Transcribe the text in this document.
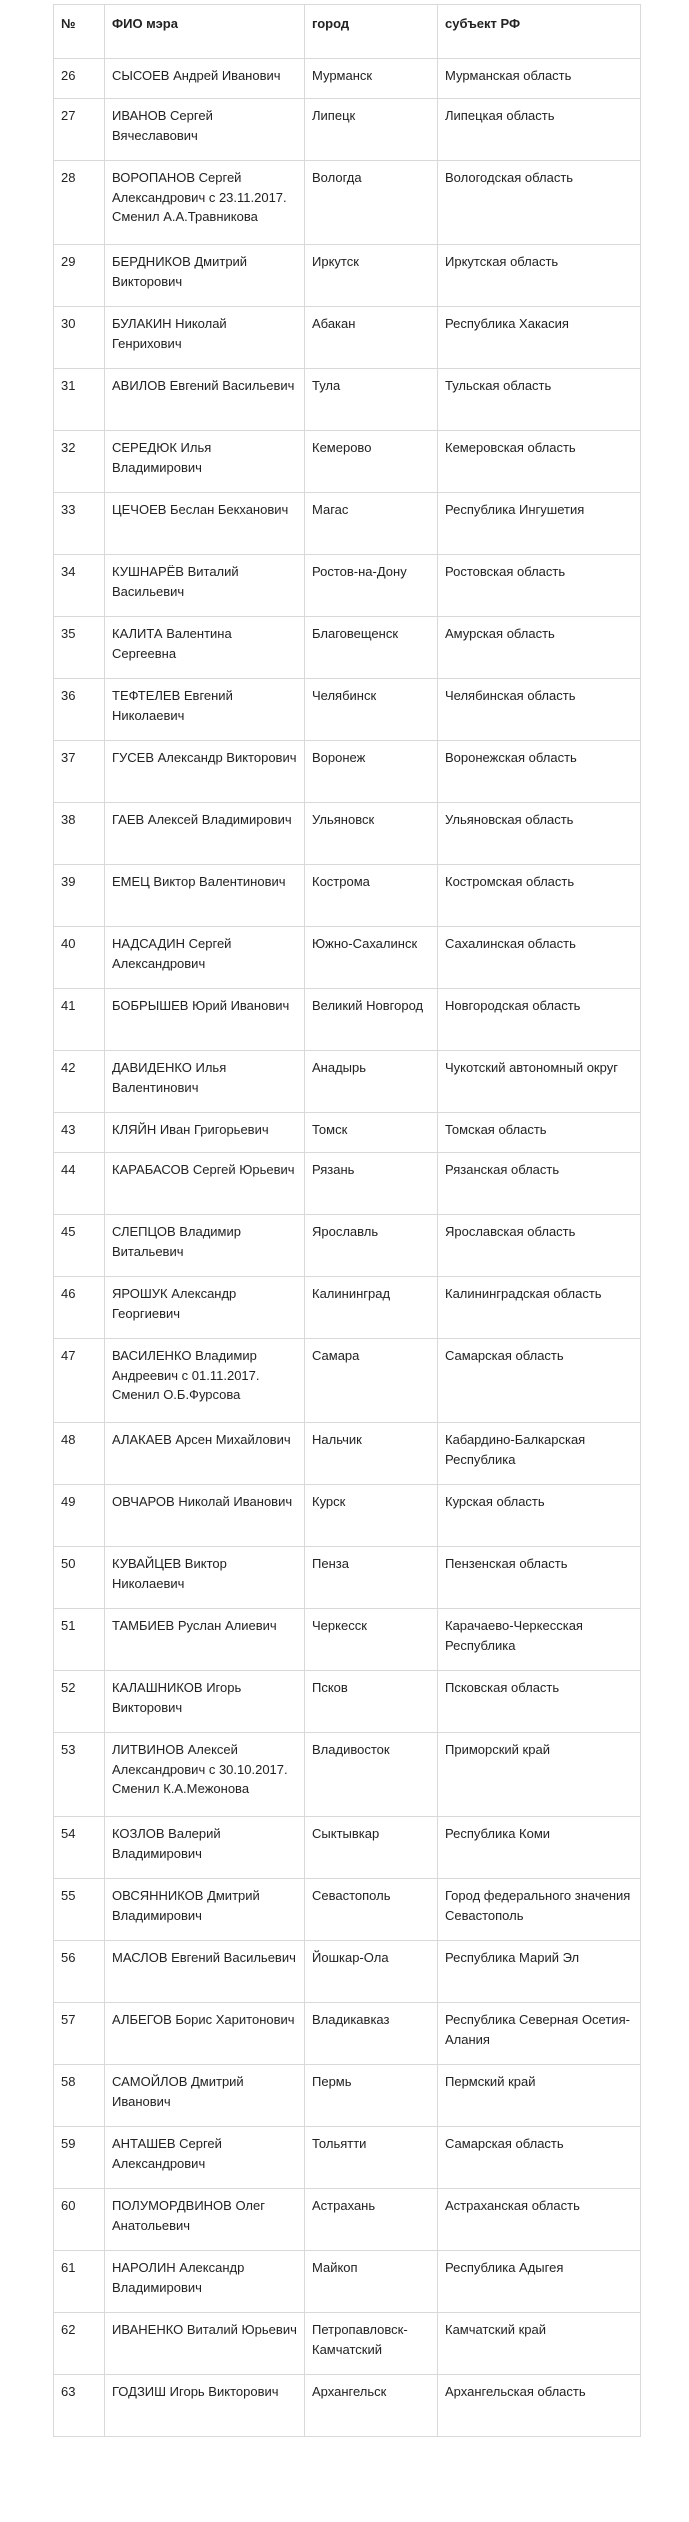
№	ФИО мэра	город	субъект РФ
26	СЫСОЕВ Андрей Иванович	Мурманск	Мурманская область
27	ИВАНОВ Сергей Вячеславович	Липецк	Липецкая область
28	ВОРОПАНОВ Сергей Александрович с 23.11.2017. Сменил А.А.Травникова	Вологда	Вологодская область
29	БЕРДНИКОВ Дмитрий Викторович	Иркутск	Иркутская область
30	БУЛАКИН Николай Генрихович	Абакан	Республика Хакасия
31	АВИЛОВ Евгений Васильевич	Тула	Тульская область
32	СЕРЕДЮК Илья Владимирович	Кемерово	Кемеровская область
33	ЦЕЧОЕВ Беслан Бекханович	Магас	Республика Ингушетия
34	КУШНАРЁВ Виталий Васильевич	Ростов-на-Дону	Ростовская область
35	КАЛИТА Валентина Сергеевна	Благовещенск	Амурская область
36	ТЕФТЕЛЕВ Евгений Николаевич	Челябинск	Челябинская область
37	ГУСЕВ Александр Викторович	Воронеж	Воронежская область
38	ГАЕВ Алексей Владимирович	Ульяновск	Ульяновская область
39	ЕМЕЦ Виктор Валентинович	Кострома	Костромская область
40	НАДСАДИН Сергей Александрович	Южно-Сахалинск	Сахалинская область
41	БОБРЫШЕВ Юрий Иванович	Великий Новгород	Новгородская область
42	ДАВИДЕНКО Илья Валентинович	Анадырь	Чукотский автономный округ
43	КЛЯЙН Иван Григорьевич	Томск	Томская область
44	КАРАБАСОВ Сергей Юрьевич	Рязань	Рязанская область
45	СЛЕПЦОВ Владимир Витальевич	Ярославль	Ярославская область
46	ЯРОШУК Александр Георгиевич	Калининград	Калининградская область
47	ВАСИЛЕНКО Владимир Андреевич с 01.11.2017. Сменил О.Б.Фурсова	Самара	Самарская область
48	АЛАКАЕВ Арсен Михайлович	Нальчик	Кабардино-Балкарская Республика
49	ОВЧАРОВ Николай Иванович	Курск	Курская область
50	КУВАЙЦЕВ Виктор Николаевич	Пенза	Пензенская область
51	ТАМБИЕВ Руслан Алиевич	Черкесск	Карачаево-Черкесская Республика
52	КАЛАШНИКОВ Игорь Викторович	Псков	Псковская область
53	ЛИТВИНОВ Алексей Александрович с 30.10.2017. Сменил К.А.Межонова	Владивосток	Приморский край
54	КОЗЛОВ Валерий Владимирович	Сыктывкар	Республика Коми
55	ОВСЯННИКОВ Дмитрий Владимирович	Севастополь	Город федерального значения Севастополь
56	МАСЛОВ Евгений Васильевич	Йошкар-Ола	Республика Марий Эл
57	АЛБЕГОВ Борис Харитонович	Владикавказ	Республика Северная Осетия-Алания
58	САМОЙЛОВ Дмитрий Иванович	Пермь	Пермский край
59	АНТАШЕВ Сергей Александрович	Тольятти	Самарская область
60	ПОЛУМОРДВИНОВ Олег Анатольевич	Астрахань	Астраханская область
61	НАРОЛИН Александр Владимирович	Майкоп	Республика Адыгея
62	ИВАНЕНКО Виталий Юрьевич	Петропавловск-Камчатский	Камчатский край
63	ГОДЗИШ Игорь Викторович	Архангельск	Архангельская область
